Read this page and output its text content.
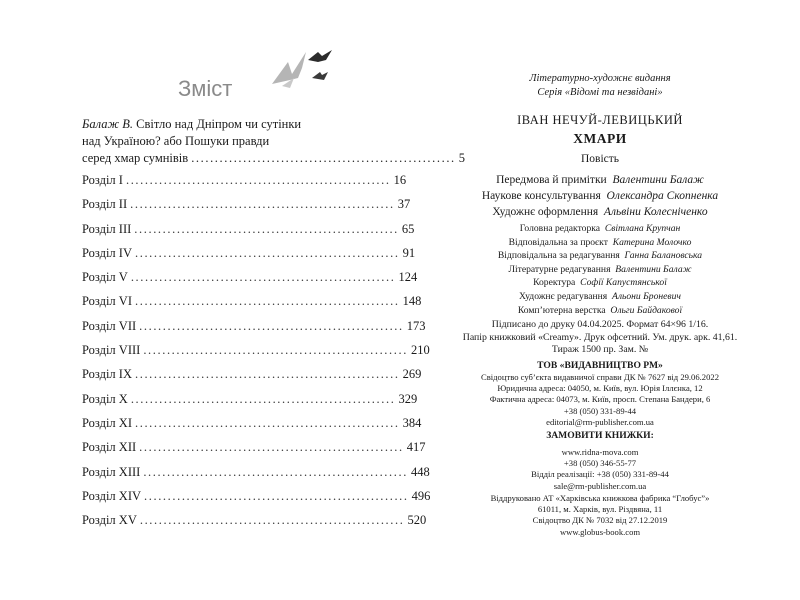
Зміст
Балаж В. Світло над Дніпром чи сутінки
над Україною? або Пошуки правди
серед хмар сумнівів ........................................................ 5
Розділ I ........................................................ 16
Розділ II ........................................................ 37
Розділ III ........................................................ 65
Розділ IV ........................................................ 91
Розділ V ........................................................ 124
Розділ VI ........................................................ 148
Розділ VII ........................................................ 173
Розділ VIII ........................................................ 210
Розділ IX ........................................................ 269
Розділ X ........................................................ 329
Розділ XI ........................................................ 384
Розділ XII ........................................................ 417
Розділ XIII ........................................................ 448
Розділ XIV ........................................................ 496
Розділ XV ........................................................ 520
Літературно-художнє видання
Серія «Відомі та незвідані»
ІВАН НЕЧУЙ-ЛЕВИЦЬКИЙ
ХМАРИ
Повість
Передмова й примітки Валентини Балаж
Наукове консультування Олександра Скопненка
Художнє оформлення Альвіни Колесніченко
Головна редакторка Світлана Крупчан
Відповідальна за проєкт Катерина Молочко
Відповідальна за редагування Ганна Балановська
Літературне редагування Валентини Балаж
Коректура Софії Капустянської
Художнє редагування Альони Броневич
Комп’ютерна верстка Ольги Байдакової
Підписано до друку 04.04.2025. Формат 64×96 1/16.
Папір книжковий «Creamy». Друк офсетний. Ум. друк. арк. 41,61.
Тираж 1500 пр. Зам. №
ТОВ «ВИДАВНИЦТВО РМ»
Свідоцтво суб’єкта видавничої справи ДК № 7627 від 29.06.2022
Юридична адреса: 04050, м. Київ, вул. Юрія Іллєнка, 12
Фактична адреса: 04073, м. Київ, просп. Степана Бандери, 6
+38 (050) 331-89-44
editorial@rm-publisher.com.ua
ЗАМОВИТИ КНИЖКИ:
www.ridna-mova.com
+38 (050) 346-55-77
Відділ реалізації: +38 (050) 331-89-44
sale@rm-publisher.com.ua
Віддруковано АТ «Харківська книжкова фабрика “Глобус”»
61011, м. Харків, вул. Різдвяна, 11
Свідоцтво ДК № 7032 від 27.12.2019
www.globus-book.com
